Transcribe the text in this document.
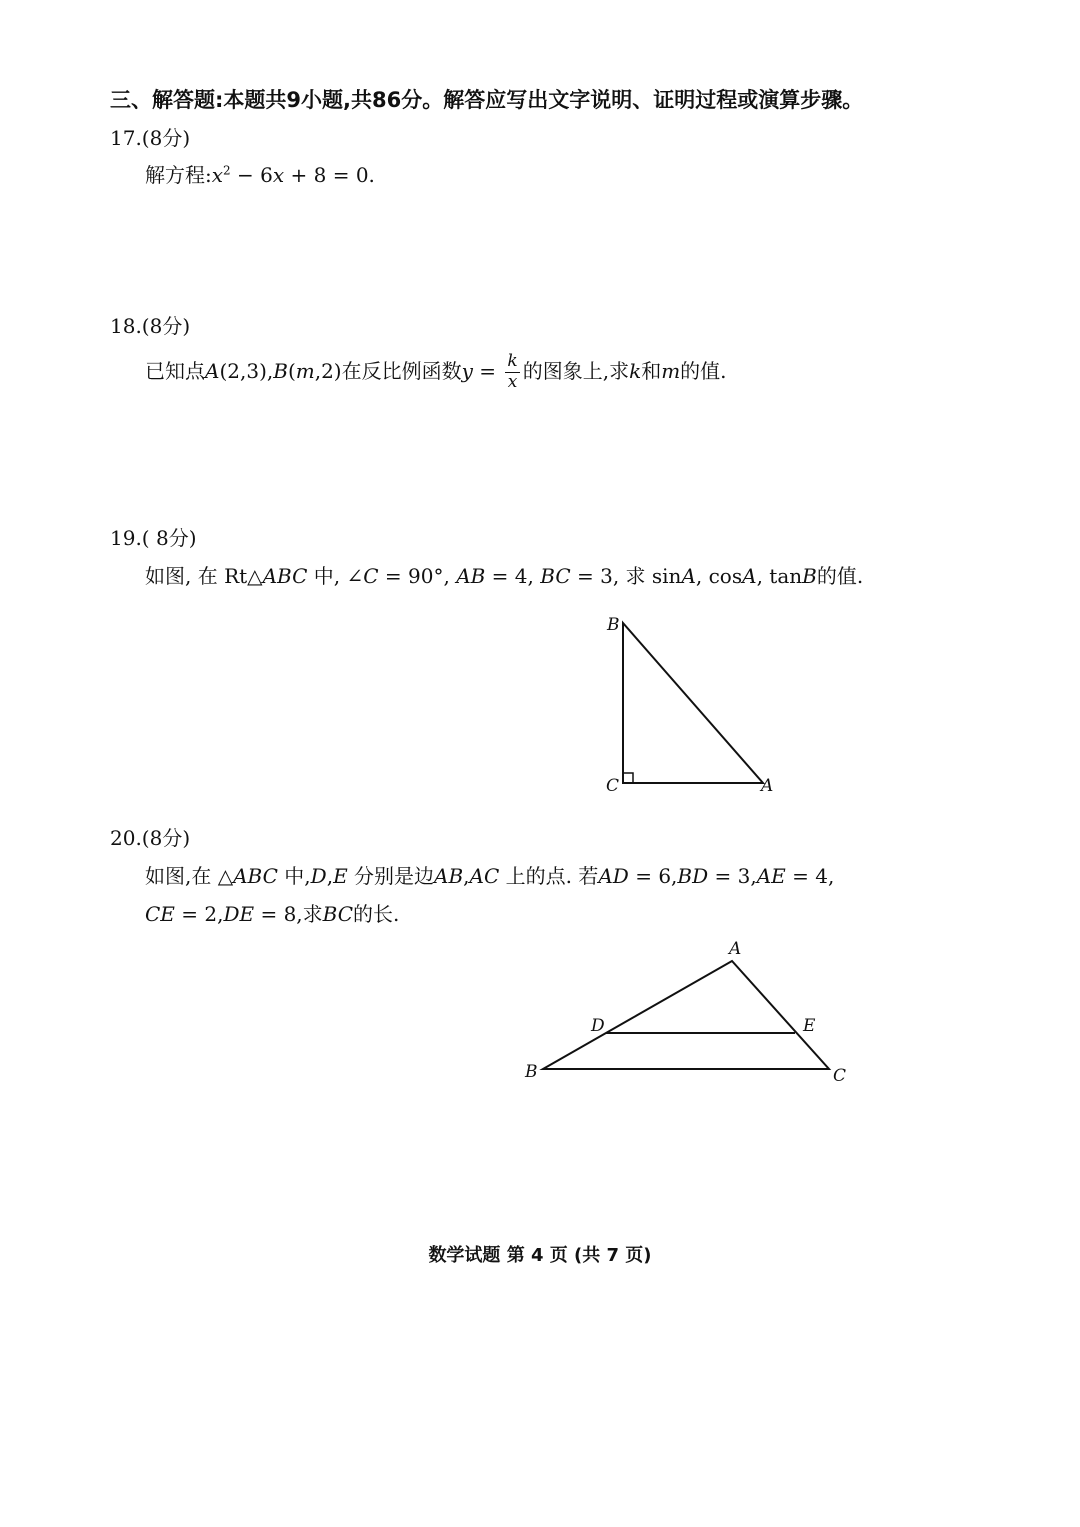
三、解答题:本题共9小题,共86分。解答应写出文字说明、证明过程或演算步骤。
17.(8分)
解方程$:x^2 - 6x + 8 = 0$.
18.(8分)
已知点A(2,3),B(m,2)在反比例函数$y = \frac{k}{x}$ 的图象上,求k和m的值.
19.( 8分)
如图, 在 Rt△ABC 中, ∠C = 90°, AB = 4, BC = 3, 求 sinA, cosA, tanB的值.
B
C	A
20.(8分)
如图,在 △ABC 中,D,E 分别是边AB,AC 上的点. 若AD = 6,BD = 3,AE = 4,
CE = 2,DE = 8,求BC的长.
A
D	E
B	C
数学试题 第 4 页 (共 7 页)
